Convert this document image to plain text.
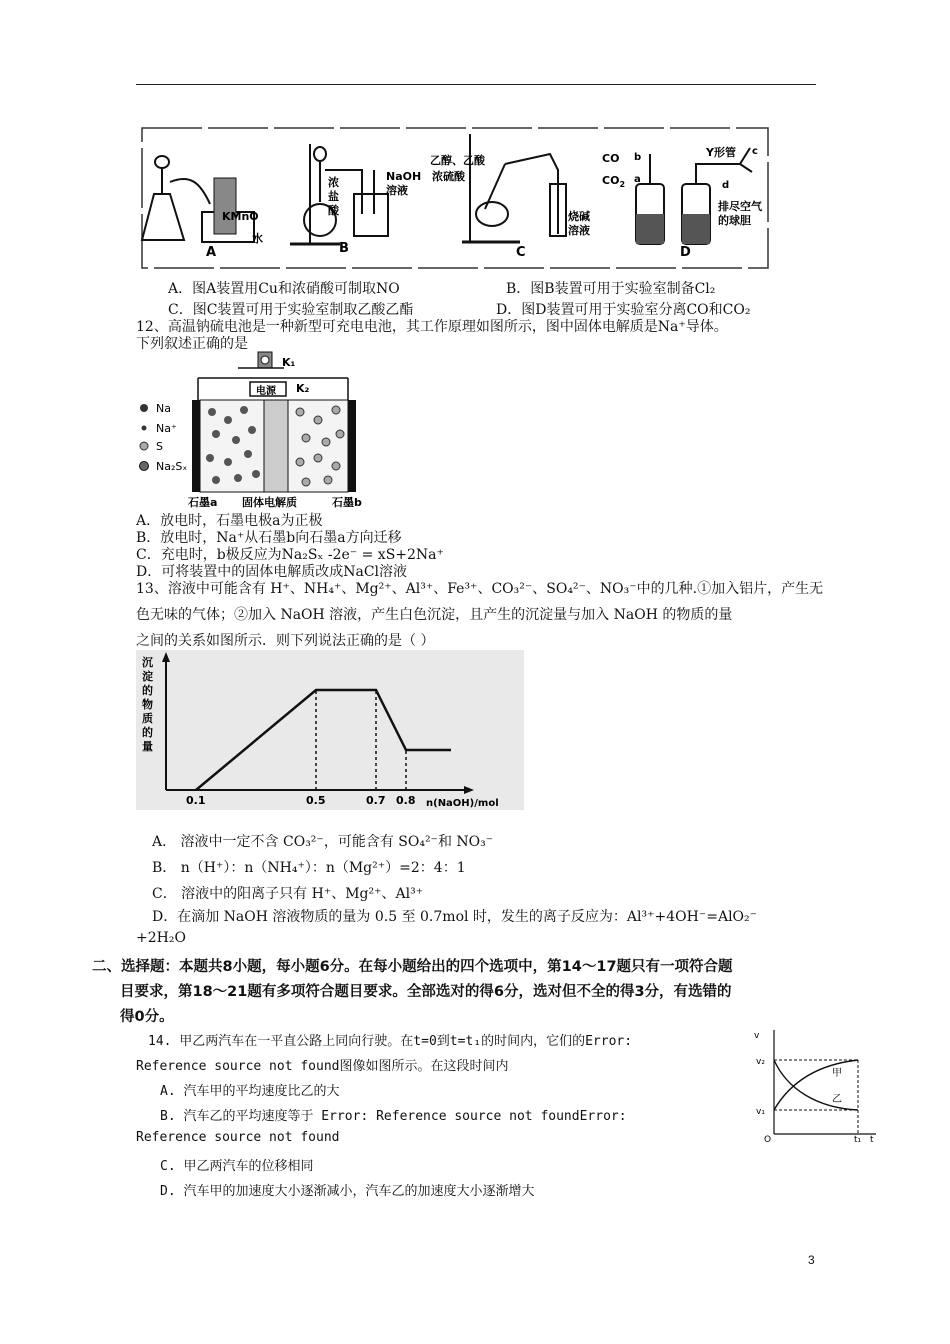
A
KMnO
水
B
浓
盐
酸
NaOH
溶液
C
乙醇、乙酸
浓硫酸
烧碱
溶液
D
CO
$CO_2$
b
a
Y形管 c
d
排尽空气
的球胆
A．图A装置用Cu和浓硝酸可制取NO	B．图B装置可用于实验室制备Cl₂
C．图C装置可用于实验室制取乙酸乙酯	D．图D装置可用于实验室分离CO和CO₂
12、高温钠硫电池是一种新型可充电电池，其工作原理如图所示，图中固体电解质是Na⁺导体。
下列叙述正确的是
K₁
电源 K₂
Na
Na⁺
S
Na₂Sₓ
石墨a 固体电解质	石墨b
A．放电时，石墨电极a为正极
B．放电时，Na⁺从石墨b向石墨a方向迁移
C．充电时，b极反应为Na₂Sₓ -2e⁻ = xS+2Na⁺
D．可将装置中的固体电解质改成NaCl溶液
13、溶液中可能含有 H⁺、NH₄⁺、Mg²⁺、Al³⁺、Fe³⁺、CO₃²⁻、SO₄²⁻、NO₃⁻中的几种.①加入铝片，产生无
色无味的气体；②加入 NaOH 溶液，产生白色沉淀，且产生的沉淀量与加入 NaOH 的物质的量
之间的关系如图所示．则下列说法正确的是（ ）
0.1	0.5	0.7 0.8
沉淀的物质的量
n(NaOH)/mol
A． 溶液中一定不含 CO₃²⁻，可能含有 SO₄²⁻和 NO₃⁻
B． n（H⁺）：n（NH₄⁺）：n（Mg²⁺）=2：4：1
C． 溶液中的阳离子只有 H⁺、Mg²⁺、Al³⁺
D．在滴加 NaOH 溶液物质的量为 0.5 至 0.7mol 时，发生的离子反应为：Al³⁺+4OH⁻=AlO₂⁻
+2H₂O
二、选择题：本题共8小题，每小题6分。在每小题给出的四个选项中，第14～17题只有一项符合题
目要求，第18～21题有多项符合题目要求。全部选对的得6分，选对但不全的得3分，有选错的
得0分。
14. 甲乙两汽车在一平直公路上同向行驶。在t=0到t=t₁的时间内，它们的Error:
Reference source not found图像如图所示。在这段时间内
A. 汽车甲的平均速度比乙的大
B. 汽车乙的平均速度等于 Error: Reference source not foundError:
Reference source not found
C. 甲乙两汽车的位移相同
D. 汽车甲的加速度大小逐渐减小，汽车乙的加速度大小逐渐增大
v
v₂
v₁
O	t₁ t
甲
乙
3
